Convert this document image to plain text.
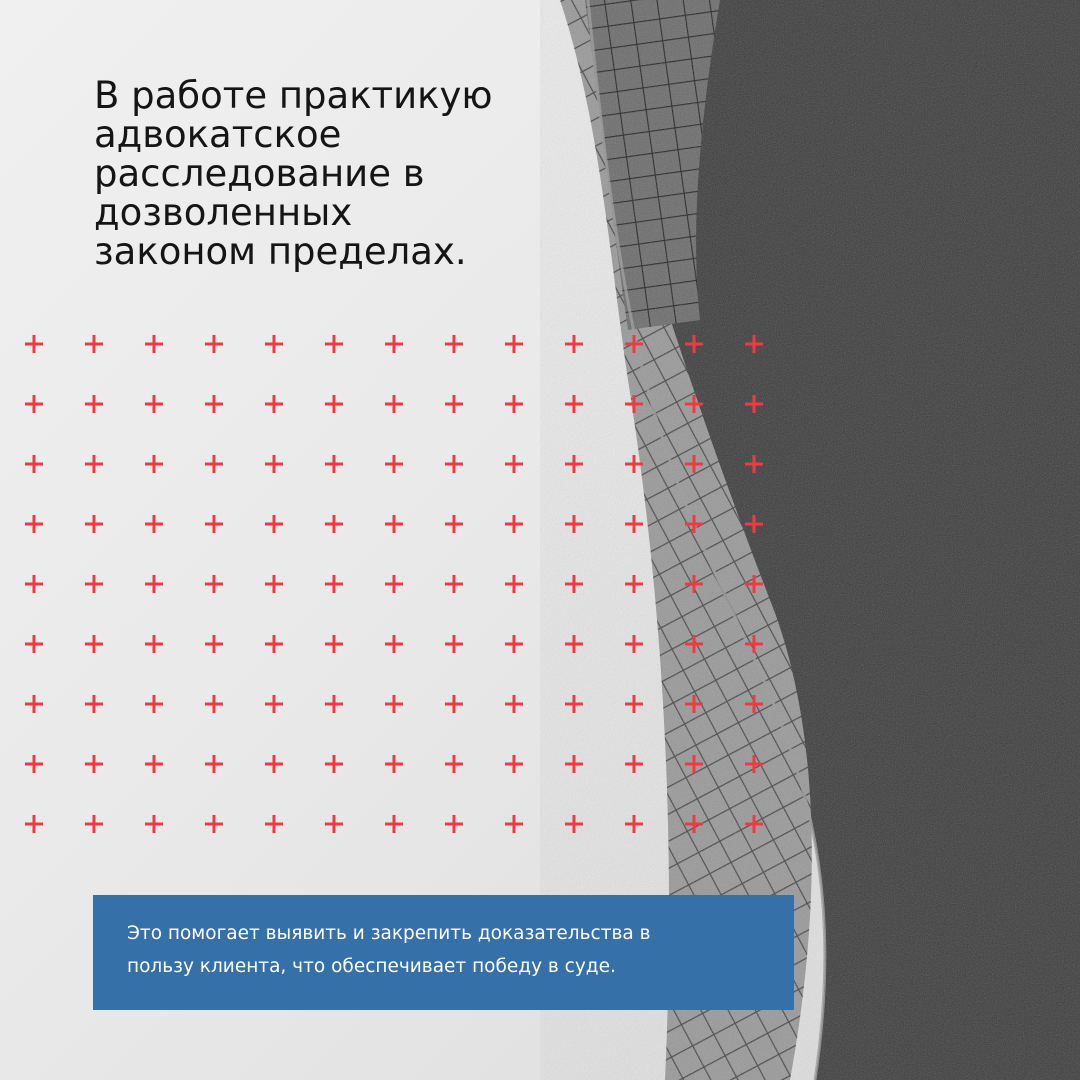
В работе практикую
адвокатское
расследование в
дозволенных
законом пределах.

Это помогает выявить и закрепить доказательства в
пользу клиента, что обеспечивает победу в суде.
